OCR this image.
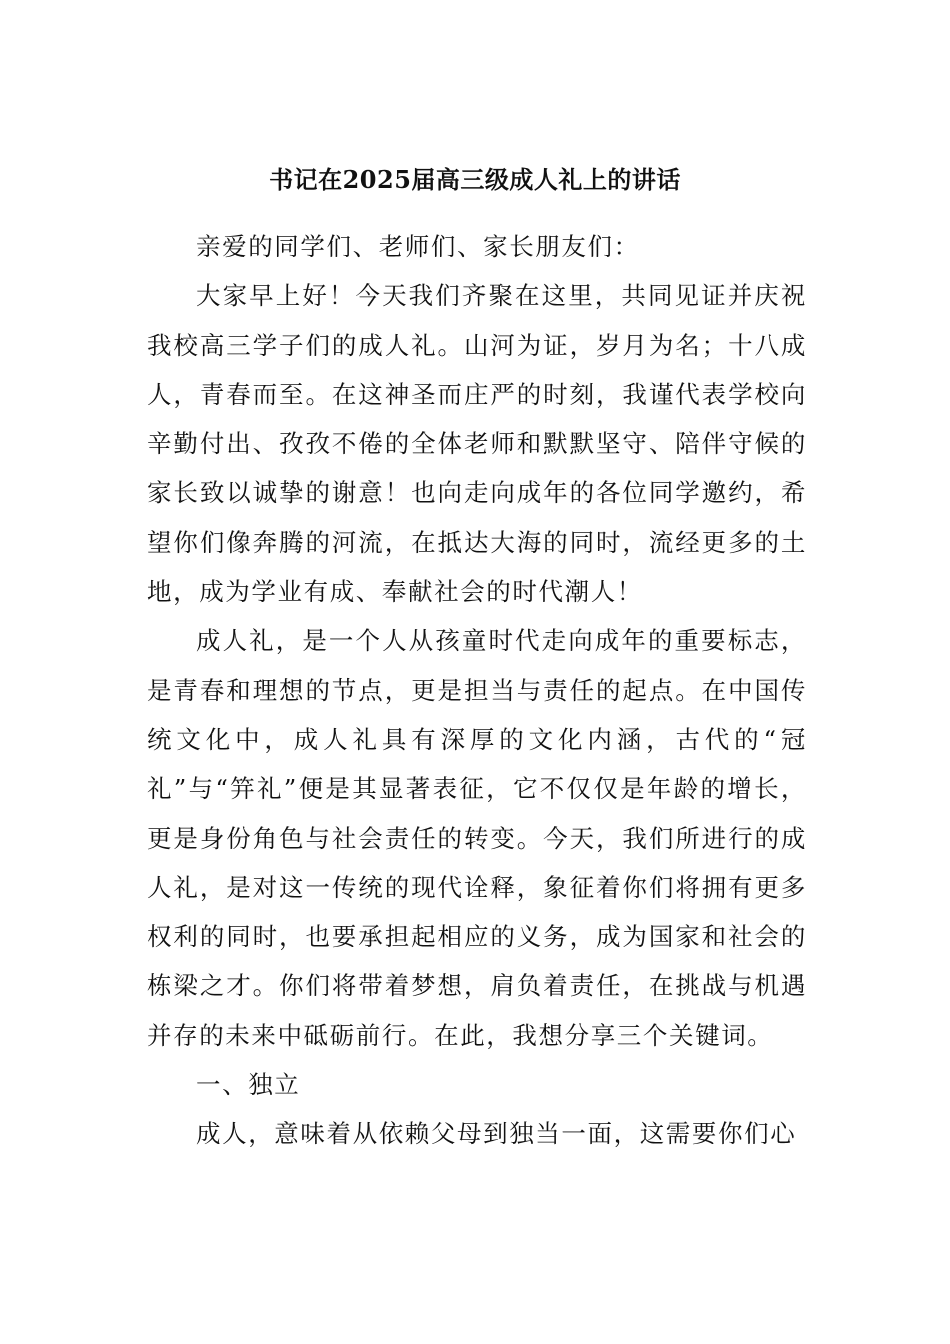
书记在2025届高三级成人礼上的讲话

亲爱的同学们、老师们、家长朋友们：

大家早上好！今天我们齐聚在这里，共同见证并庆祝我校高三学子们的成人礼。山河为证，岁月为名；十八成人，青春而至。在这神圣而庄严的时刻，我谨代表学校向辛勤付出、孜孜不倦的全体老师和默默坚守、陪伴守候的家长致以诚挚的谢意！也向走向成年的各位同学邀约，希望你们像奔腾的河流，在抵达大海的同时，流经更多的土地，成为学业有成、奉献社会的时代潮人！

成人礼，是一个人从孩童时代走向成年的重要标志，是青春和理想的节点，更是担当与责任的起点。在中国传统文化中，成人礼具有深厚的文化内涵，古代的“冠礼”与“笄礼”便是其显著表征，它不仅仅是年龄的增长，更是身份角色与社会责任的转变。今天，我们所进行的成人礼，是对这一传统的现代诠释，象征着你们将拥有更多权利的同时，也要承担起相应的义务，成为国家和社会的栋梁之才。你们将带着梦想，肩负着责任，在挑战与机遇并存的未来中砥砺前行。在此，我想分享三个关键词。

一、独立

成人，意味着从依赖父母到独当一面，这需要你们心
